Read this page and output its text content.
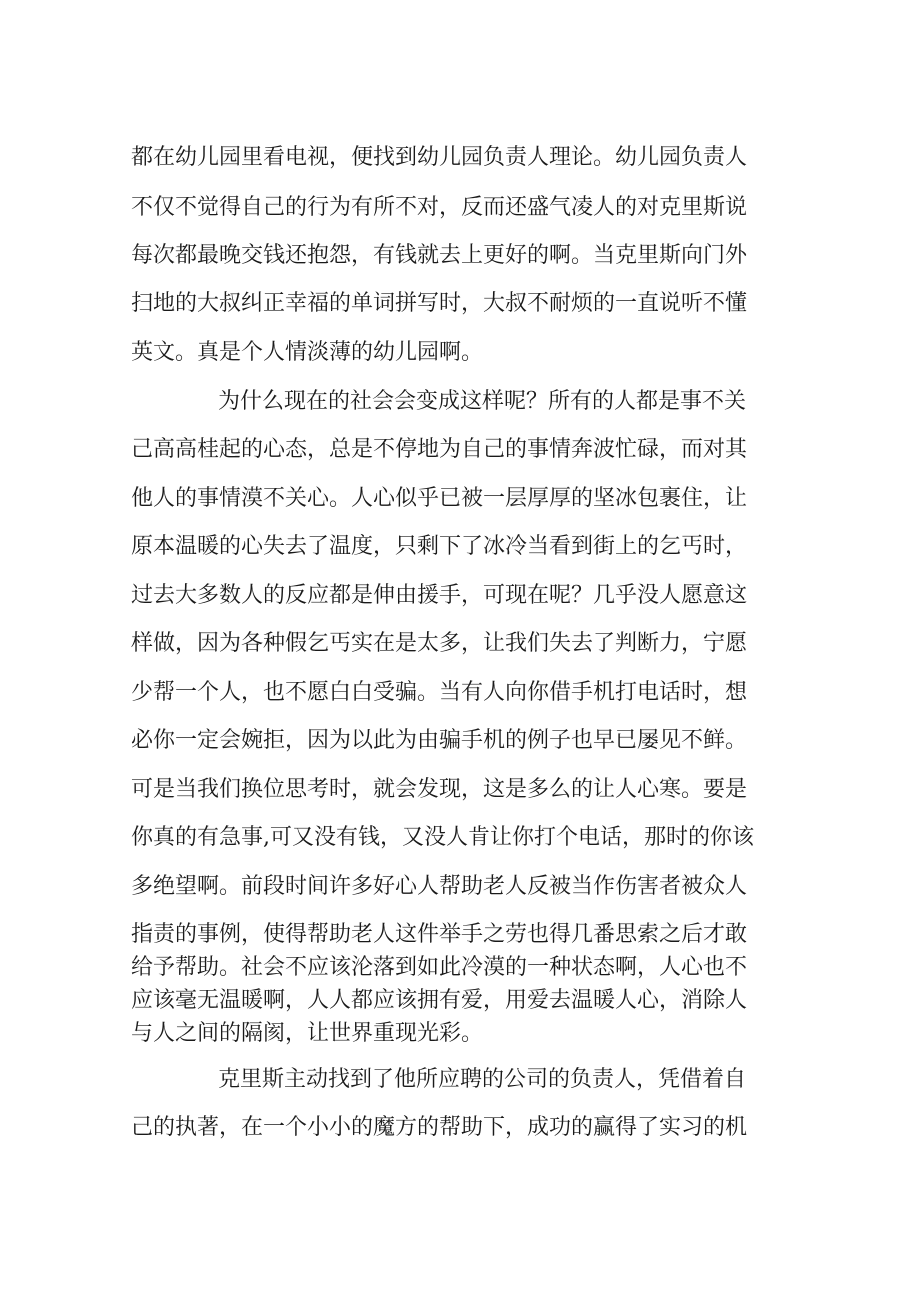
都在幼儿园里看电视，便找到幼儿园负责人理论。幼儿园负责人
不仅不觉得自己的行为有所不对，反而还盛气凌人的对克里斯说
每次都最晚交钱还抱怨，有钱就去上更好的啊。当克里斯向门外
扫地的大叔纠正幸福的单词拼写时，大叔不耐烦的一直说听不懂
英文。真是个人情淡薄的幼儿园啊。
为什么现在的社会会变成这样呢？所有的人都是事不关
己高高桂起的心态，总是不停地为自己的事情奔波忙碌，而对其
他人的事情漠不关心。人心似乎已被一层厚厚的坚冰包裹住，让
原本温暖的心失去了温度，只剩下了冰冷当看到街上的乞丐时，
过去大多数人的反应都是伸由援手，可现在呢？几乎没人愿意这
样做，因为各种假乞丐实在是太多，让我们失去了判断力，宁愿
少帮一个人，也不愿白白受骗。当有人向你借手机打电话时，想
必你一定会婉拒，因为以此为由骗手机的例子也早已屡见不鲜。
可是当我们换位思考时，就会发现，这是多么的让人心寒。要是
你真的有急事,可又没有钱，又没人肯让你打个电话，那时的你该
多绝望啊。前段时间许多好心人帮助老人反被当作伤害者被众人
指责的事例，使得帮助老人这件举手之劳也得几番思索之后才敢
给予帮助。社会不应该沦落到如此冷漠的一种状态啊，人心也不
应该毫无温暖啊，人人都应该拥有爱，用爱去温暖人心，消除人
与人之间的隔阂，让世界重现光彩。
克里斯主动找到了他所应聘的公司的负责人，凭借着自
己的执著，在一个小小的魔方的帮助下，成功的赢得了实习的机
